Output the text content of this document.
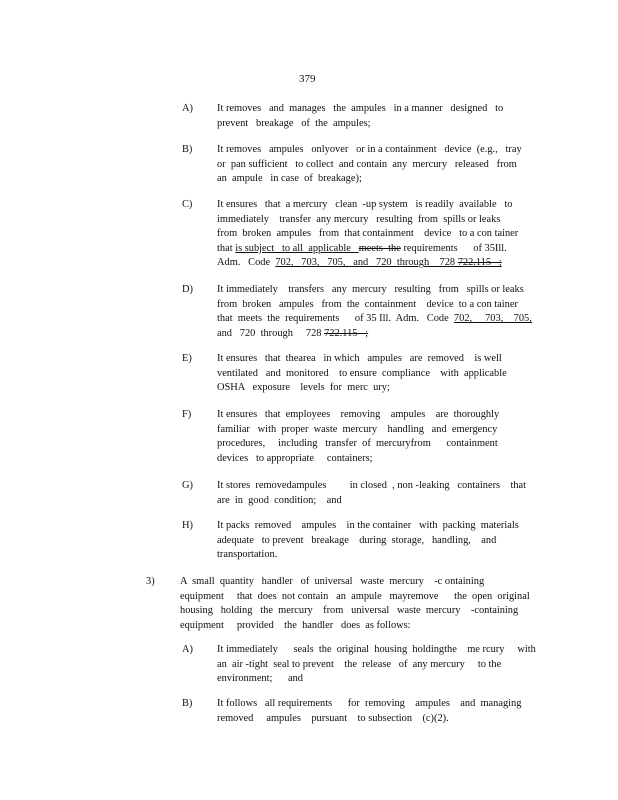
379
A) It removes   and  manages   the  ampules   in a manner   designed   to
prevent   breakage   of  the  ampules;
B) It removes   ampules   onlyover   or in a containment   device  (e.g.,   tray
or  pan sufficient   to collect  and contain  any  mercury   released   from
an  ampule   in case  of  breakage);
C) It ensures   that  a mercury   clean  -up system   is readily  available   to
immediately    transfer  any mercury   resulting  from  spills or leaks
from  broken  ampules   from  that containment    device   to a con tainer
that is subject   to all  applicable   meets  the requirements      of 35Ill.
Adm.   Code  702,   703,   705,   and   720  through    728 722.115   ;
D) It immediately    transfers   any  mercury   resulting   from   spills or leaks
from  broken   ampules   from  the  containment    device  to a con tainer
that  meets  the  requirements      of 35 Ill.  Adm.   Code  702,     703,    705,
and   720  through     728 722.115   ;
E) It ensures   that  thearea   in which   ampules   are  removed    is well
ventilated   and  monitored    to ensure  compliance    with  applicable
OSHA   exposure    levels  for  merc  ury;
F) It ensures   that  employees    removing    ampules    are  thoroughly
familiar   with  proper  waste  mercury    handling   and  emergency
procedures,     including   transfer  of  mercuryfrom      containment
devices   to appropriate     containers;
G) It stores  removedampules         in closed  , non -leaking   containers    that
are  in  good  condition;    and
H) It packs  removed    ampules    in the container   with  packing  materials
adequate   to prevent   breakage    during  storage,   handling,    and
transportation.
3) A  small  quantity   handler   of  universal   waste  mercury    -c ontaining
equipment     that  does  not contain   an  ampule   mayremove      the  open  original
housing   holding   the  mercury    from   universal   waste  mercury    -containing
equipment     provided    the  handler   does  as follows:
A) It immediately      seals  the  original  housing  holdingthe    me rcury     with
an  air -tight  seal to prevent    the  release   of  any mercury     to the
environment;      and
B) It follows   all requirements      for  removing    ampules    and  managing
removed     ampules    pursuant    to subsection    (c)(2).
